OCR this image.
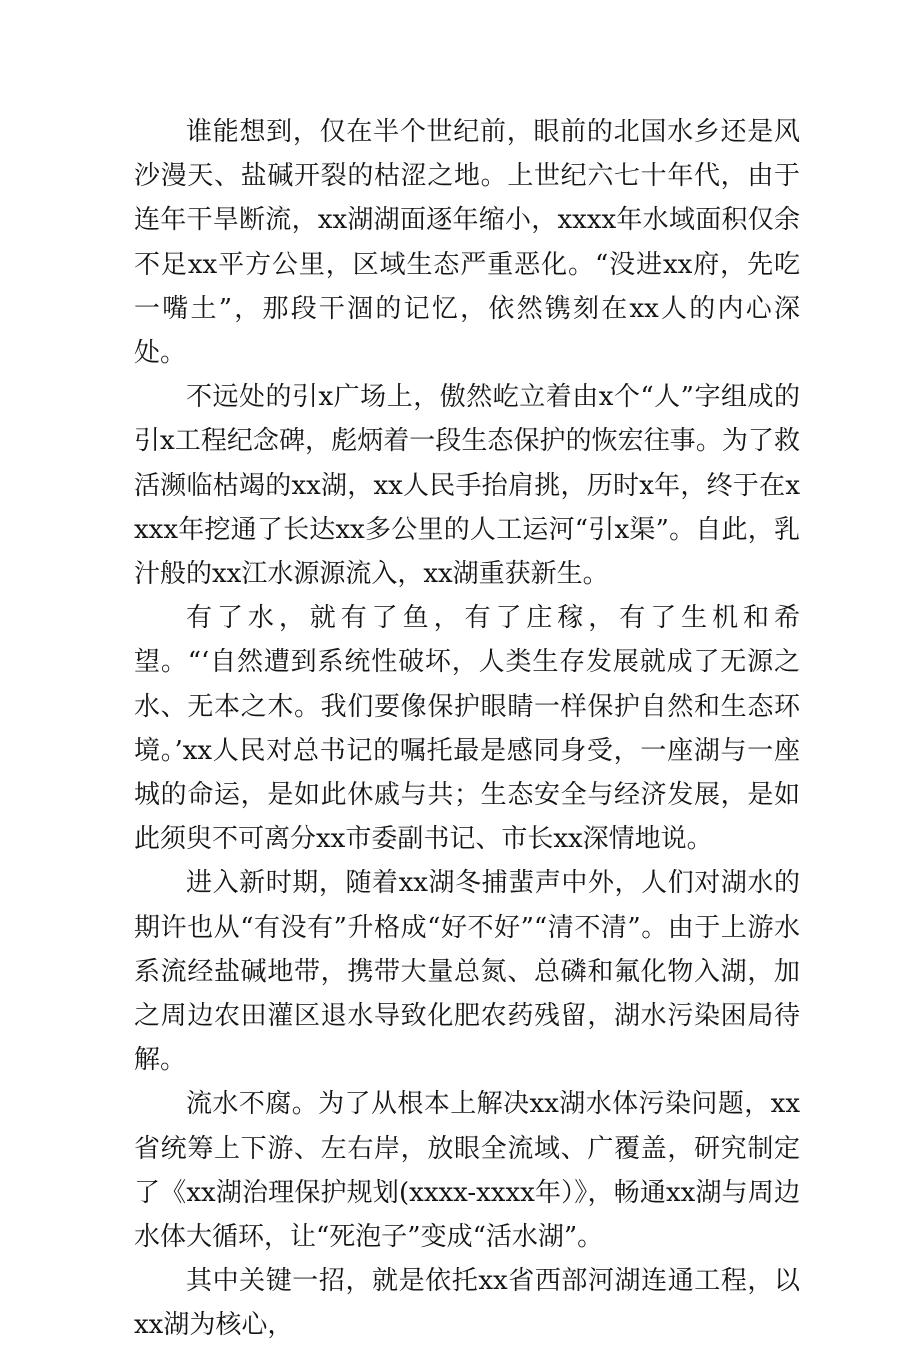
谁能想到，仅在半个世纪前，眼前的北国水乡还是风沙漫天、盐碱开裂的枯涩之地。上世纪六七十年代，由于连年干旱断流，xx湖湖面逐年缩小，xxxx年水域面积仅余不足xx平方公里，区域生态严重恶化。“没进xx府，先吃一嘴土”，那段干涸的记忆，依然镌刻在xx人的内心深处。

不远处的引x广场上，傲然屹立着由x个“人”字组成的引x工程纪念碑，彪炳着一段生态保护的恢宏往事。为了救活濒临枯竭的xx湖，xx人民手抬肩挑，历时x年，终于在xxxx年挖通了长达xx多公里的人工运河“引x渠”。自此，乳汁般的xx江水源源流入，xx湖重获新生。

有了水，就有了鱼，有了庄稼，有了生机和希望。“‘自然遭到系统性破坏，人类生存发展就成了无源之水、无本之木。我们要像保护眼睛一样保护自然和生态环境。’xx人民对总书记的嘱托最是感同身受，一座湖与一座城的命运，是如此休戚与共；生态安全与经济发展，是如此须臾不可离分xx市委副书记、市长xx深情地说。

进入新时期，随着xx湖冬捕蜚声中外，人们对湖水的期许也从“有没有”升格成“好不好”“清不清”。由于上游水系流经盐碱地带，携带大量总氮、总磷和氟化物入湖，加之周边农田灌区退水导致化肥农药残留，湖水污染困局待解。

流水不腐。为了从根本上解决xx湖水体污染问题，xx省统筹上下游、左右岸，放眼全流域、广覆盖，研究制定了《xx湖治理保护规划(xxxx-xxxx年）》，畅通xx湖与周边水体大循环，让“死泡子”变成“活水湖”。

其中关键一招，就是依托xx省西部河湖连通工程，以xx湖为核心，
